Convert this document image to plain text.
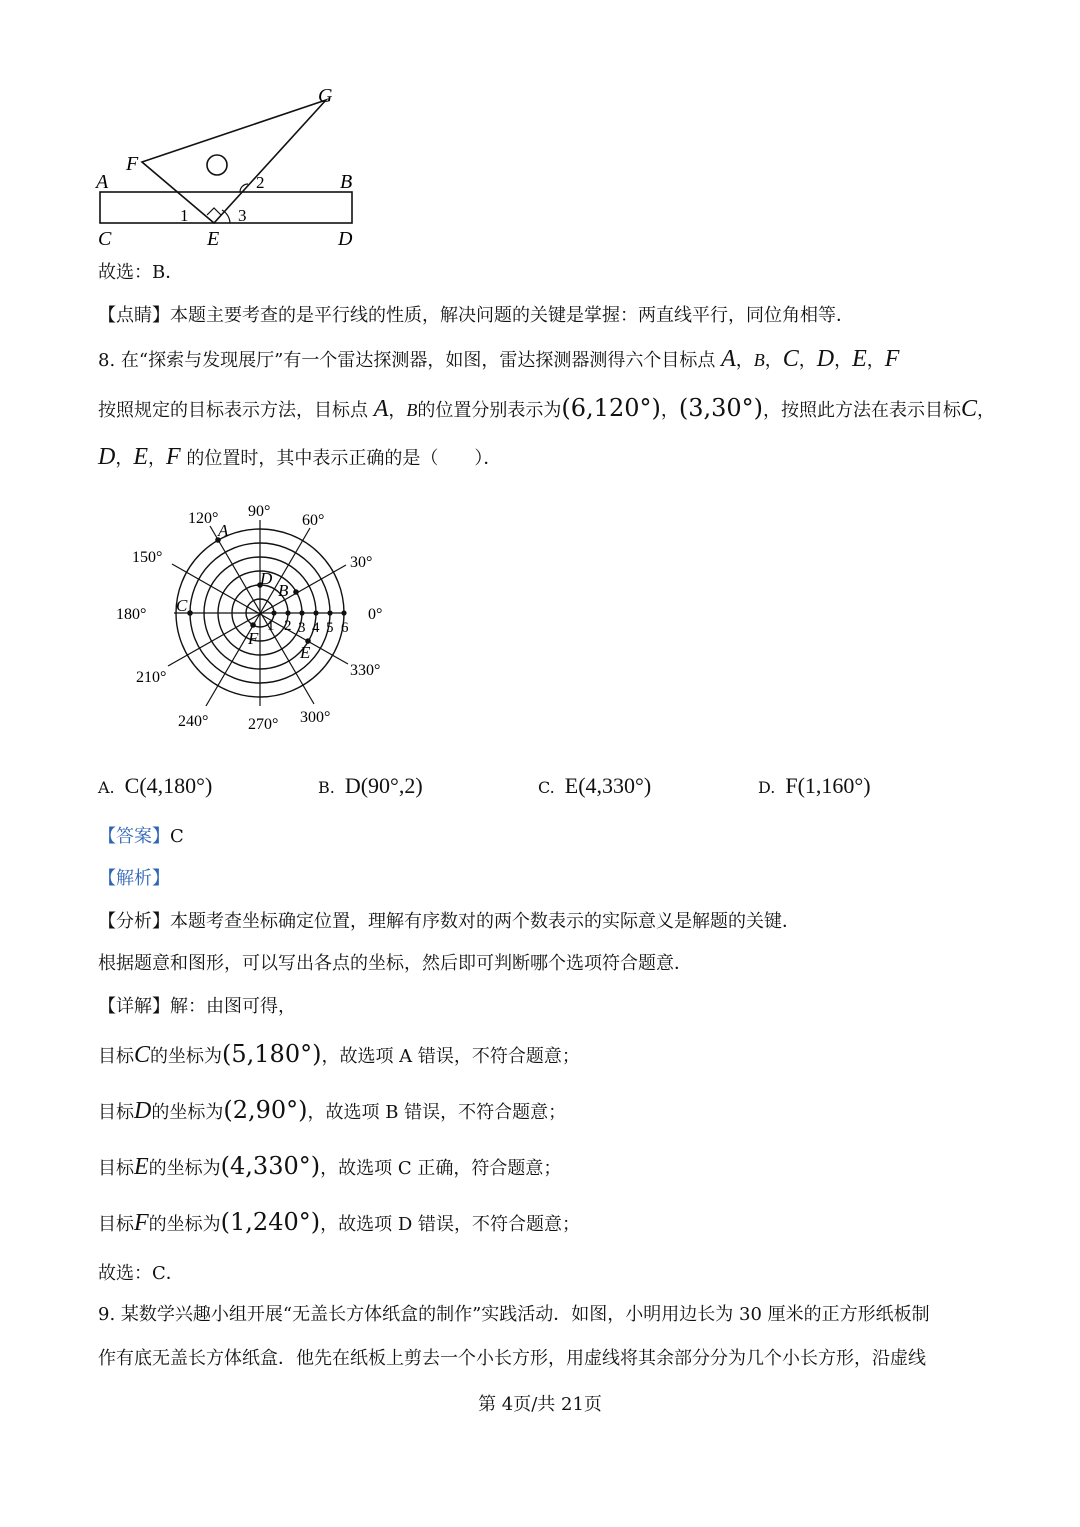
G
F
A	B
C	E	D
1
2
3
故选：B．
【点睛】本题主要考查的是平行线的性质，解决问题的关键是掌握：两直线平行，同位角相等．
8. 在“探索与发现展厅”有一个雷达探测器，如图，雷达探测器测得六个目标点 A，B，C，D，E，F
按照规定的目标表示方法，目标点 A，B的位置分别表示为(6,120°)，(3,30°)，按照此方法在表示目标C，
D，E，F 的位置时，其中表示正确的是（　　）．
0°
30°
60°
90°
120°
150°
180°
210°
240° 270° 300°
330°
1 2 3 4 5 6
A
B
C
D
E
F
A. C(4,180°)	B. D(90°,2)	C. E(4,330°)	D. F(1,160°)
【答案】C
【解析】
【分析】本题考查坐标确定位置，理解有序数对的两个数表示的实际意义是解题的关键．
根据题意和图形，可以写出各点的坐标，然后即可判断哪个选项符合题意．
【详解】解：由图可得，
目标C的坐标为(5,180°)，故选项 A 错误，不符合题意；
目标D的坐标为(2,90°)，故选项 B 错误，不符合题意；
目标E的坐标为(4,330°)，故选项 C 正确，符合题意；
目标F的坐标为(1,240°)，故选项 D 错误，不符合题意；
故选：C．
9. 某数学兴趣小组开展“无盖长方体纸盒的制作”实践活动．如图，小明用边长为 30 厘米的正方形纸板制
作有底无盖长方体纸盒．他先在纸板上剪去一个小长方形，用虚线将其余部分分为几个小长方形，沿虚线
第 4页/共 21页
